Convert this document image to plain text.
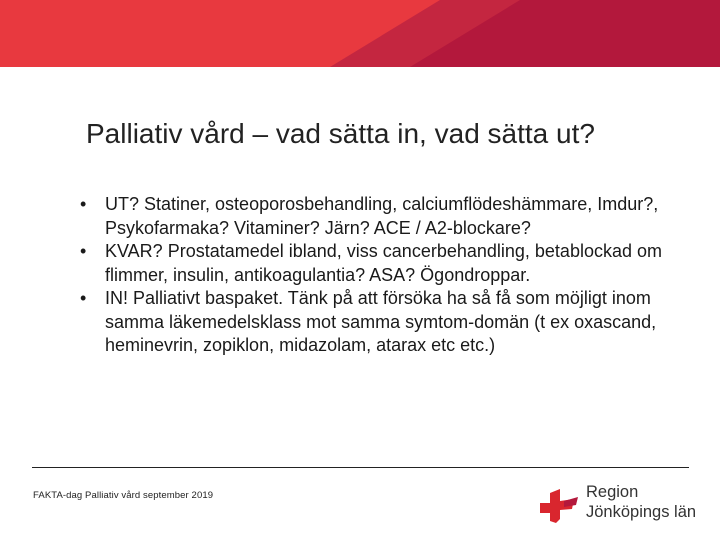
Palliativ vård – vad sätta in, vad sätta ut?
•	UT? Statiner, osteoporosbehandling, calciumflödeshämmare, Imdur?, Psykofarmaka? Vitaminer? Järn? ACE / A2-blockare?
•	KVAR? Prostatamedel ibland, viss cancerbehandling, betablockad om flimmer, insulin, antikoagulantia? ASA? Ögondroppar.
•	IN! Palliativt baspaket. Tänk på att försöka ha så få som möjligt inom samma läkemedelsklass mot samma symtom-domän (t ex oxascand, heminevrin, zopiklon, midazolam, atarax etc etc.)
FAKTA-dag Palliativ vård september 2019	Region
Jönköpings län
